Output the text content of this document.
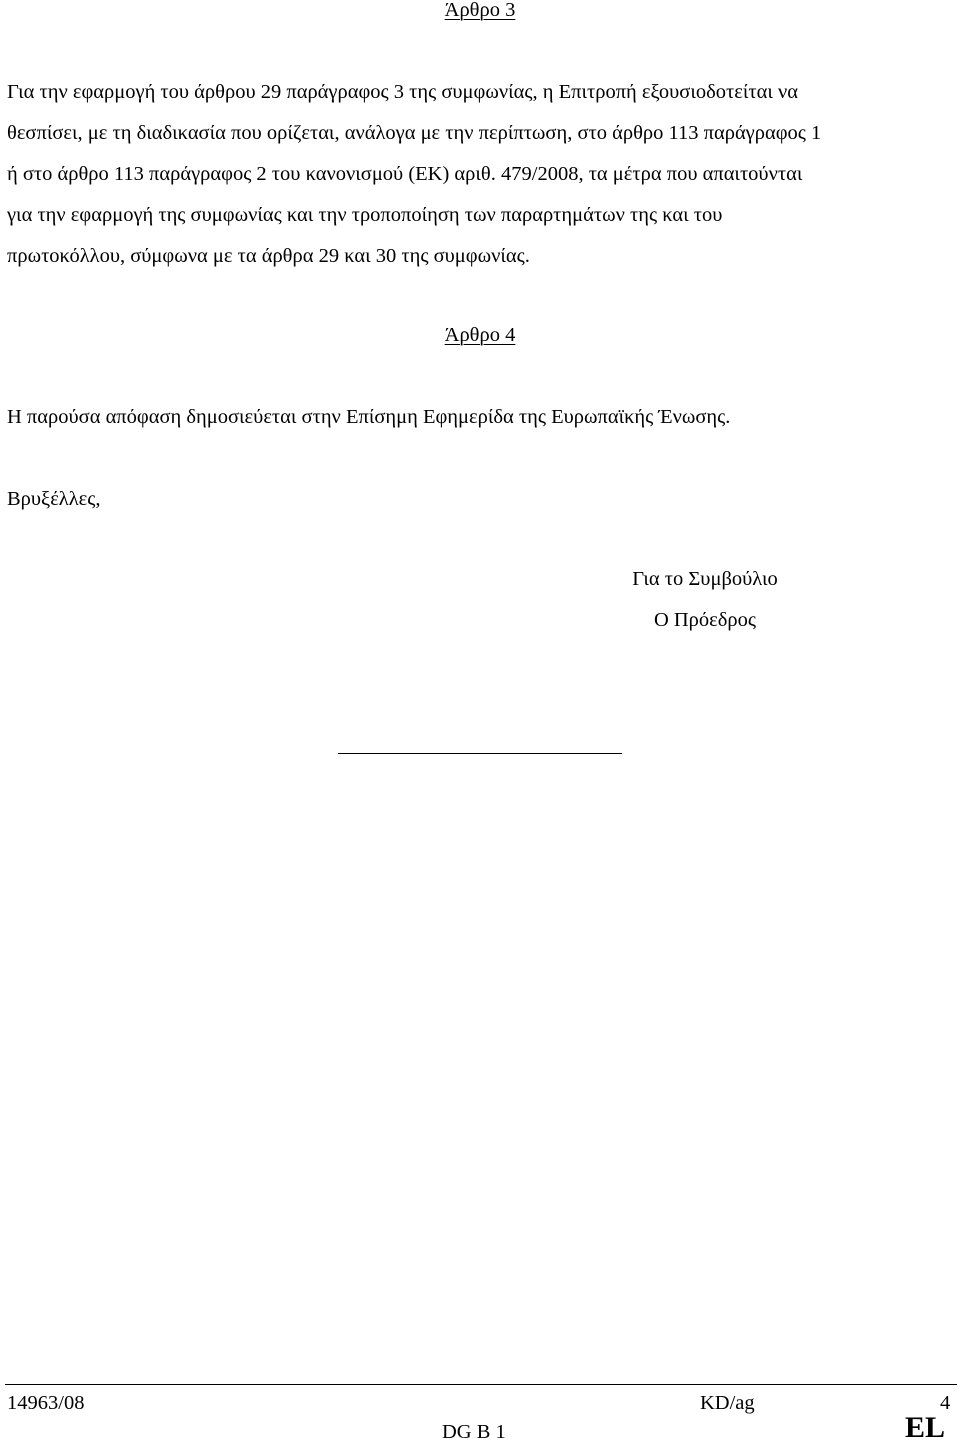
Άρθρο 3
Για την εφαρμογή του άρθρου 29 παράγραφος 3 της συμφωνίας, η Επιτροπή εξουσιοδοτείται να
θεσπίσει, με τη διαδικασία που ορίζεται, ανάλογα με την περίπτωση, στο άρθρο 113 παράγραφος 1
ή στο άρθρο 113 παράγραφος 2 του κανονισμού (ΕΚ) αριθ. 479/2008, τα μέτρα που απαιτούνται
για την εφαρμογή της συμφωνίας και την τροποποίηση των παραρτημάτων της και του
πρωτοκόλλου, σύμφωνα με τα άρθρα 29 και 30 της συμφωνίας.
Άρθρο 4
Η παρούσα απόφαση δημοσιεύεται στην Επίσημη Εφημερίδα της Ευρωπαϊκής Ένωσης.
Βρυξέλλες,
Για το Συμβούλιο
Ο Πρόεδρος
14963/08	KD/ag	4
DG B 1	EL
